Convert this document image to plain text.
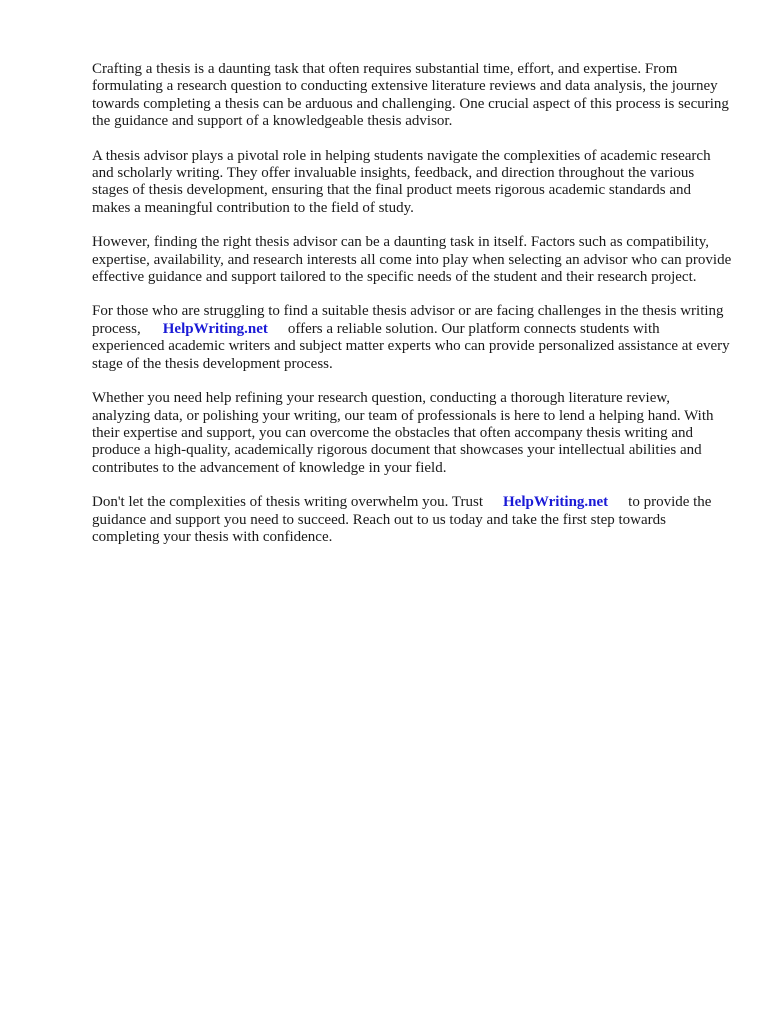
Crafting a thesis is a daunting task that often requires substantial time, effort, and expertise. From formulating a research question to conducting extensive literature reviews and data analysis, the journey towards completing a thesis can be arduous and challenging. One crucial aspect of this process is securing the guidance and support of a knowledgeable thesis advisor.

A thesis advisor plays a pivotal role in helping students navigate the complexities of academic research and scholarly writing. They offer invaluable insights, feedback, and direction throughout the various stages of thesis development, ensuring that the final product meets rigorous academic standards and makes a meaningful contribution to the field of study.

However, finding the right thesis advisor can be a daunting task in itself. Factors such as compatibility, expertise, availability, and research interests all come into play when selecting an advisor who can provide effective guidance and support tailored to the specific needs of the student and their research project.

For those who are struggling to find a suitable thesis advisor or are facing challenges in the thesis writing process, HelpWriting.net offers a reliable solution. Our platform connects students with experienced academic writers and subject matter experts who can provide personalized assistance at every stage of the thesis development process.

Whether you need help refining your research question, conducting a thorough literature review, analyzing data, or polishing your writing, our team of professionals is here to lend a helping hand. With their expertise and support, you can overcome the obstacles that often accompany thesis writing and produce a high-quality, academically rigorous document that showcases your intellectual abilities and contributes to the advancement of knowledge in your field.

Don't let the complexities of thesis writing overwhelm you. Trust HelpWriting.net to provide the guidance and support you need to succeed. Reach out to us today and take the first step towards completing your thesis with confidence.
